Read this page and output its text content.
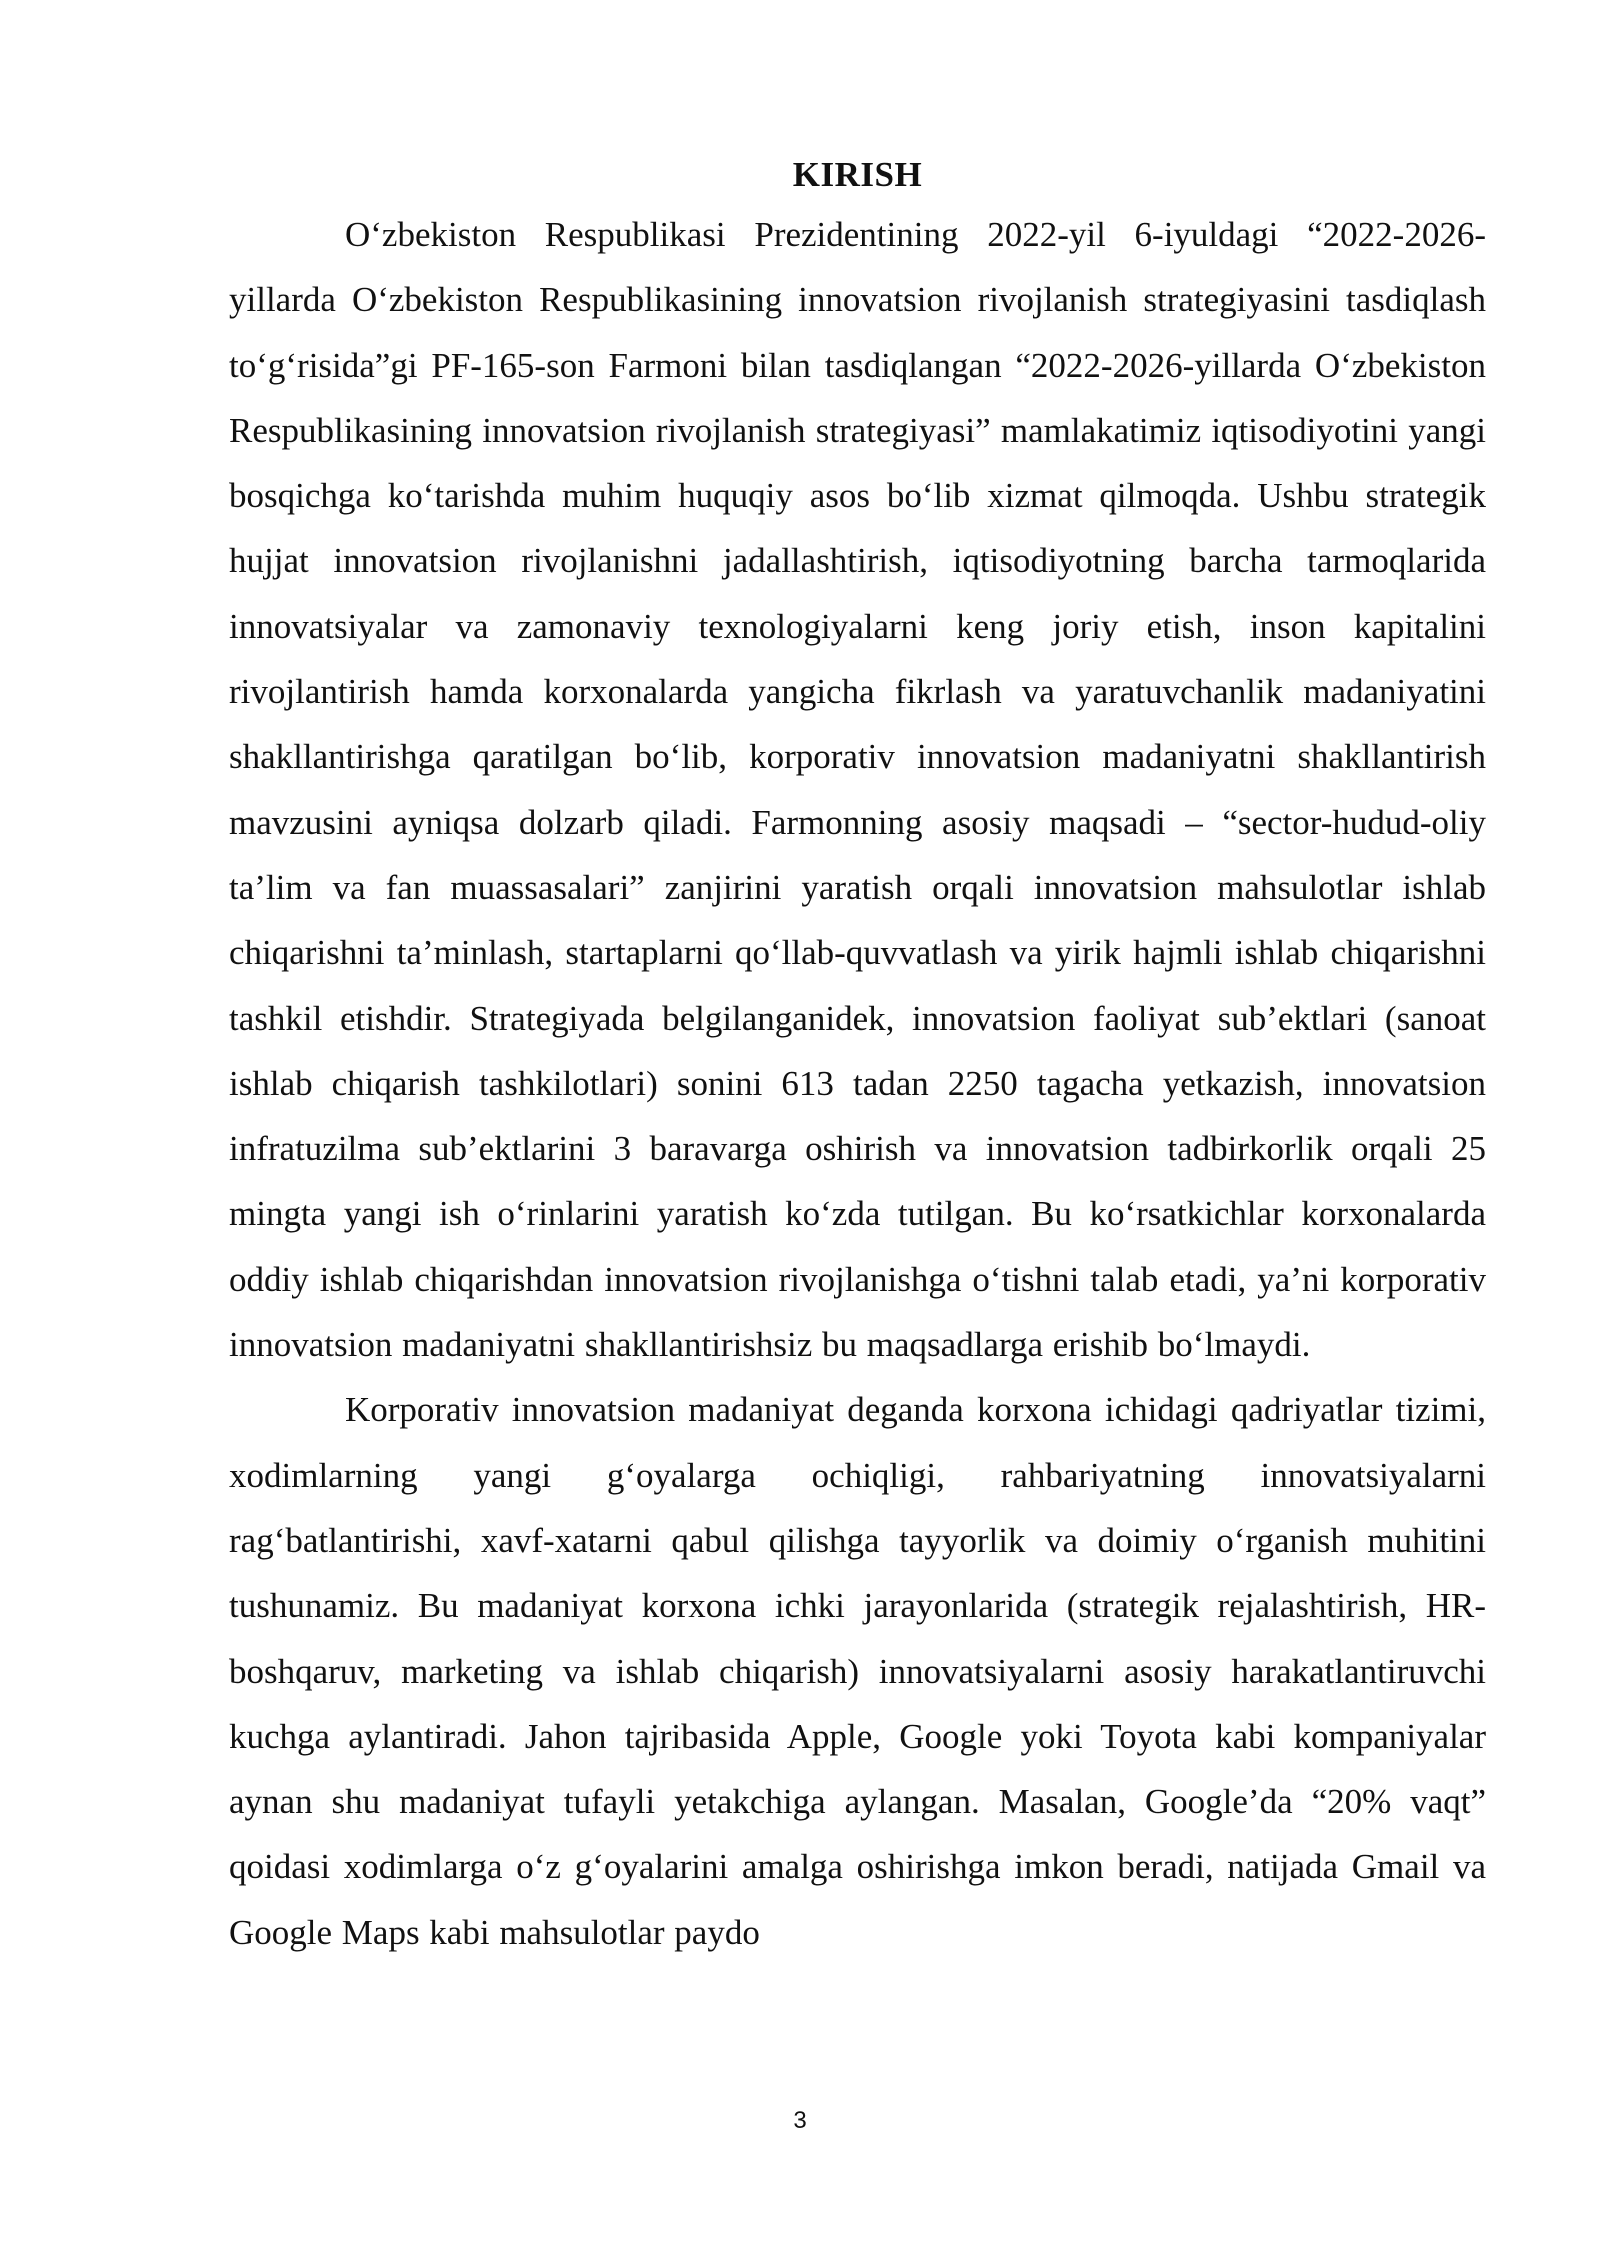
KIRISH

O‘zbekiston Respublikasi Prezidentining 2022-yil 6-iyuldagi “2022-2026-yillarda O‘zbekiston Respublikasining innovatsion rivojlanish strategiyasini tasdiqlash to‘g‘risida”gi PF-165-son Farmoni bilan tasdiqlangan “2022-2026-yillarda O‘zbekiston Respublikasining innovatsion rivojlanish strategiyasi” mamlakatimiz iqtisodiyotini yangi bosqichga ko‘tarishda muhim huquqiy asos bo‘lib xizmat qilmoqda. Ushbu strategik hujjat innovatsion rivojlanishni jadallashtirish, iqtisodiyotning barcha tarmoqlarida innovatsiyalar va zamonaviy texnologiyalarni keng joriy etish, inson kapitalini rivojlantirish hamda korxonalarda yangicha fikrlash va yaratuvchanlik madaniyatini shakllantirishga qaratilgan bo‘lib, korporativ innovatsion madaniyatni shakllantirish mavzusini ayniqsa dolzarb qiladi. Farmonning asosiy maqsadi – “sector-hudud-oliy ta’lim va fan muassasalari” zanjirini yaratish orqali innovatsion mahsulotlar ishlab chiqarishni ta’minlash, startaplarni qo‘llab-quvvatlash va yirik hajmli ishlab chiqarishni tashkil etishdir. Strategiyada belgilanganidek, innovatsion faoliyat sub’ektlari (sanoat ishlab chiqarish tashkilotlari) sonini 613 tadan 2250 tagacha yetkazish, innovatsion infratuzilma sub’ektlarini 3 baravarga oshirish va innovatsion tadbirkorlik orqali 25 mingta yangi ish o‘rinlarini yaratish ko‘zda tutilgan. Bu ko‘rsatkichlar korxonalarda oddiy ishlab chiqarishdan innovatsion rivojlanishga o‘tishni talab etadi, ya’ni korporativ innovatsion madaniyatni shakllantirishsiz bu maqsadlarga erishib bo‘lmaydi.

Korporativ innovatsion madaniyat deganda korxona ichidagi qadriyatlar tizimi, xodimlarning yangi g‘oyalarga ochiqligi, rahbariyatning innovatsiyalarni rag‘batlantirishi, xavf-xatarni qabul qilishga tayyorlik va doimiy o‘rganish muhitini tushunamiz. Bu madaniyat korxona ichki jarayonlarida (strategik rejalashtirish, HR-boshqaruv, marketing va ishlab chiqarish) innovatsiyalarni asosiy harakatlantiruvchi kuchga aylantiradi. Jahon tajribasida Apple, Google yoki Toyota kabi kompaniyalar aynan shu madaniyat tufayli yetakchiga aylangan. Masalan, Google’da “20% vaqt” qoidasi xodimlarga o‘z g‘oyalarini amalga oshirishga imkon beradi, natijada Gmail va Google Maps kabi mahsulotlar paydo

3
